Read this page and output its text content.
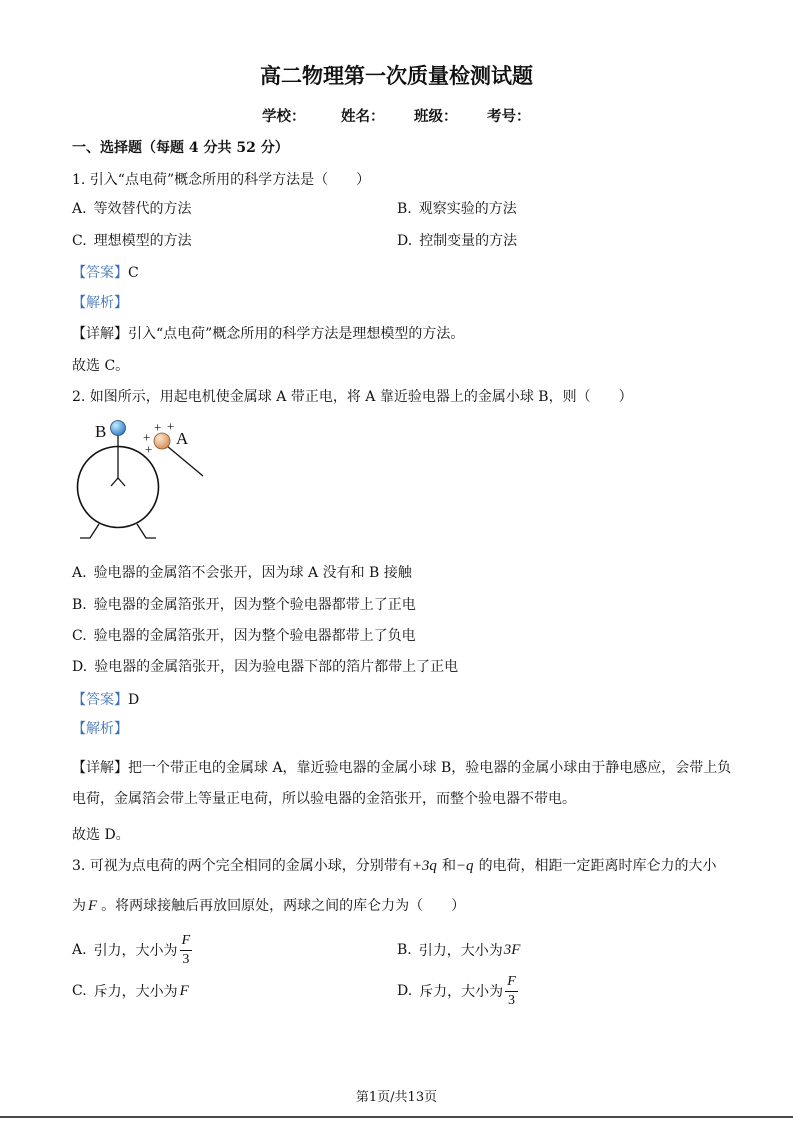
高二物理第一次质量检测试题
学校： 姓名： 班级： 考号：
一、选择题（每题 4 分共 52 分）
1. 引入“点电荷”概念所用的科学方法是（　　）
A. 等效替代的方法	B. 观察实验的方法
C. 理想模型的方法	D. 控制变量的方法
【答案】C
【解析】
【详解】引入“点电荷”概念所用的科学方法是理想模型的方法。
故选 C。
2. 如图所示，用起电机使金属球 A 带正电，将 A 靠近验电器上的金属小球 B，则（　　）
B	A
+
+ +
+
A. 验电器的金属箔不会张开，因为球 A 没有和 B 接触
B. 验电器的金属箔张开，因为整个验电器都带上了正电
C. 验电器的金属箔张开，因为整个验电器都带上了负电
D. 验电器的金属箔张开，因为验电器下部的箔片都带上了正电
【答案】D
【解析】
【详解】把一个带正电的金属球 A，靠近验电器的金属小球 B，验电器的金属小球由于静电感应，会带上负
电荷，金属箔会带上等量正电荷，所以验电器的金箔张开，而整个验电器不带电。
故选 D。
3. 可视为点电荷的两个完全相同的金属小球，分别带有+3q 和−q 的电荷，相距一定距离时库仑力的大小
为 F 。将两球接触后再放回原处，两球之间的库仑力为（　　）
A. 引力，大小为 $\frac{F}{3}$	B. 引力，大小为 3F
C. 斥力，大小为 F	D. 斥力，大小为 $\frac{F}{3}$
第1页/共13页
